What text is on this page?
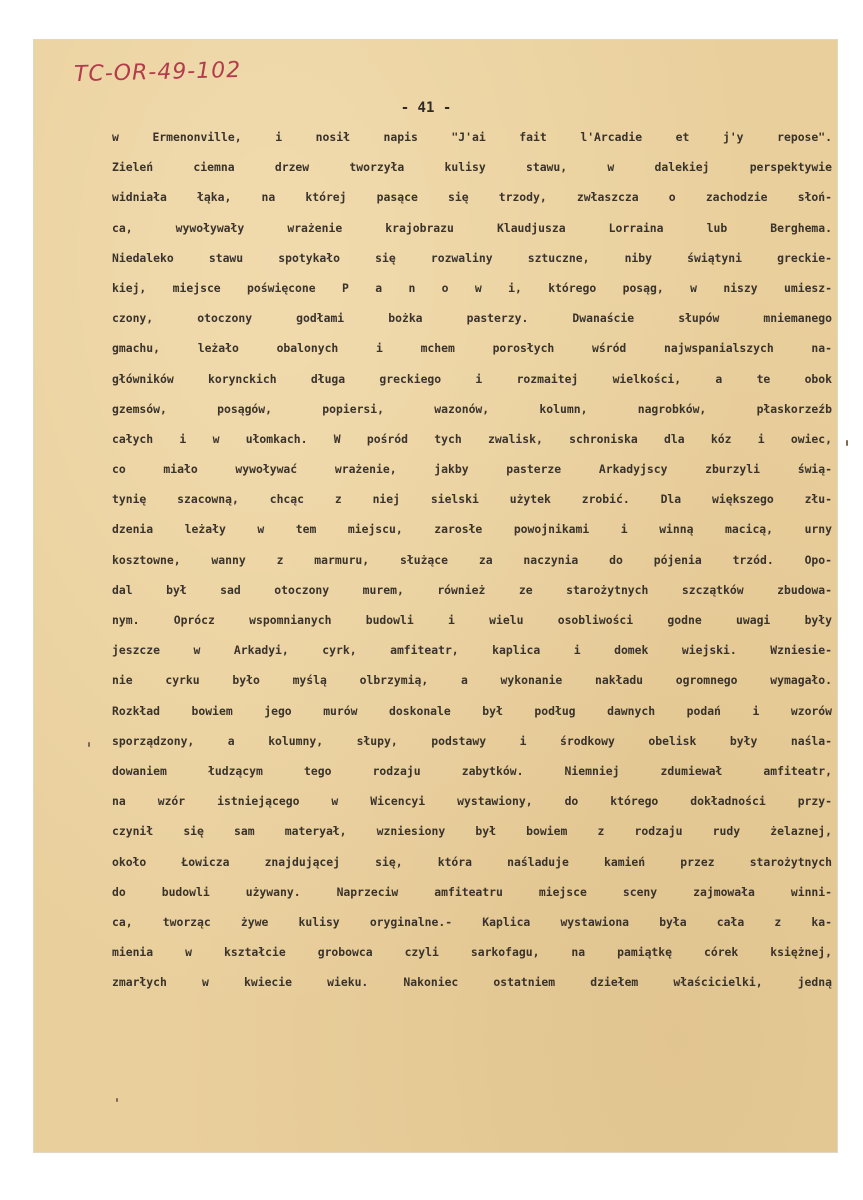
TC-OR-49-102
- 41 -
w Ermenonville, i nosił napis "J'ai fait l'Arcadie et j'y repose".
Zieleń ciemna drzew tworzyła kulisy stawu, w dalekiej perspektywie
widniała łąka, na której pasące się trzody, zwłaszcza o zachodzie słoń-
ca, wywoływały wrażenie krajobrazu Klaudjusza Lorraina lub Berghema.
Niedaleko stawu spotykało się rozwaliny sztuczne, niby świątyni greckie-
kiej, miejsce poświęcone P a n o w i, którego posąg, w niszy umiesz-
czony, otoczony godłami bożka pasterzy. Dwanaście słupów mniemanego
gmachu, leżało obalonych i mchem porosłych wśród najwspanialszych na-
główników korynckich długa greckiego i rozmaitej wielkości, a te obok
gzemsów, posągów, popiersi, wazonów, kolumn, nagrobków, płaskorzeźb
całych i w ułomkach. W pośród tych zwalisk, schroniska dla kóz i owiec,
co miało wywoływać wrażenie, jakby pasterze Arkadyjscy zburzyli świą-
tynię szacowną, chcąc z niej sielski użytek zrobić. Dla większego złu-
dzenia leżały w tem miejscu, zarosłe powojnikami i winną macicą, urny
kosztowne, wanny z marmuru, służące za naczynia do pójenia trzód. Opo-
dal był sad otoczony murem, również ze starożytnych szczątków zbudowa-
nym. Oprócz wspomnianych budowli i wielu osobliwości godne uwagi były
jeszcze w Arkadyi, cyrk, amfiteatr, kaplica i domek wiejski. Wzniesie-
nie cyrku było myślą olbrzymią, a wykonanie nakładu ogromnego wymagało.
Rozkład bowiem jego murów doskonale był podług dawnych podań i wzorów
sporządzony, a kolumny, słupy, podstawy i środkowy obelisk były naśla-
dowaniem łudzącym tego rodzaju zabytków. Niemniej zdumiewał amfiteatr,
na wzór istniejącego w Wicencyi wystawiony, do którego dokładności przy-
czynił się sam materyał, wzniesiony był bowiem z rodzaju rudy żelaznej,
około Łowicza znajdującej się, która naśladuje kamień przez starożytnych
do budowli używany. Naprzeciw amfiteatru miejsce sceny zajmowała winni-
ca, tworząc żywe kulisy oryginalne.- Kaplica wystawiona była cała z ka-
mienia w kształcie grobowca czyli sarkofagu, na pamiątkę córek księżnej,
zmarłych w kwiecie wieku. Nakoniec ostatniem dziełem właścicielki, jedną
